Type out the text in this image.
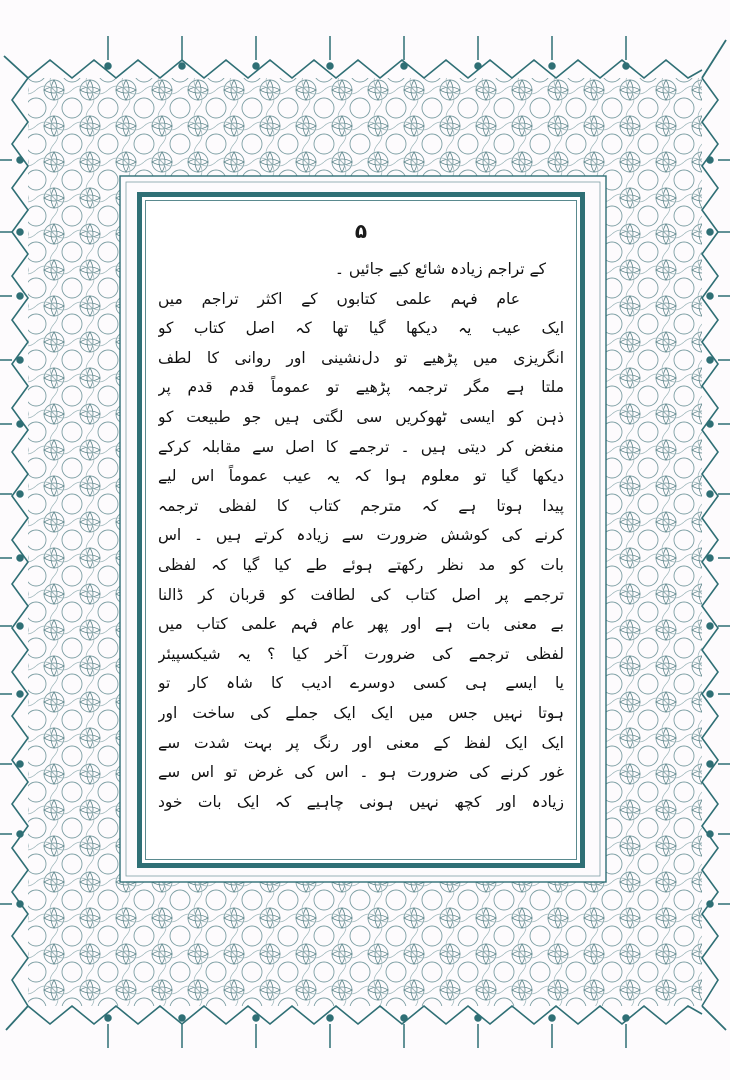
۵
کے تراجم زیادہ شائع کیے جائیں ۔
عام فہم علمی کتابوں کے اکثر تراجم میں
ایک عیب یہ دیکھا گیا تھا کہ اصل کتاب کو
انگریزی میں پڑھیے تو دل‌نشینی اور روانی کا لطف
ملتا ہے مگر ترجمہ پڑھیے تو عموماً قدم قدم پر
ذہن کو ایسی ٹھوکریں سی لگتی ہیں جو طبیعت کو
منغض کر دیتی ہیں ۔ ترجمے کا اصل سے مقابلہ کرکے
دیکھا گیا تو معلوم ہوا کہ یہ عیب عموماً اس لیے
پیدا ہوتا ہے کہ مترجم کتاب کا لفظی ترجمہ
کرنے کی کوشش ضرورت سے زیادہ کرتے ہیں ۔ اس
بات کو مد نظر رکھتے ہوئے طے کیا گیا کہ لفظی
ترجمے پر اصل کتاب کی لطافت کو قربان کر ڈالنا
بے معنی بات ہے اور پھر عام فہم علمی کتاب میں
لفظی ترجمے کی ضرورت آخر کیا ؟ یہ شیکسپیئر
یا ایسے ہی کسی دوسرے ادیب کا شاہ کار تو
ہوتا نہیں جس میں ایک ایک جملے کی ساخت اور
ایک ایک لفظ کے معنی اور رنگ پر بہت شدت سے
غور کرنے کی ضرورت ہو ۔ اس کی غرض تو اس سے
زیادہ اور کچھ نہیں ہونی چاہیے کہ ایک بات خود
